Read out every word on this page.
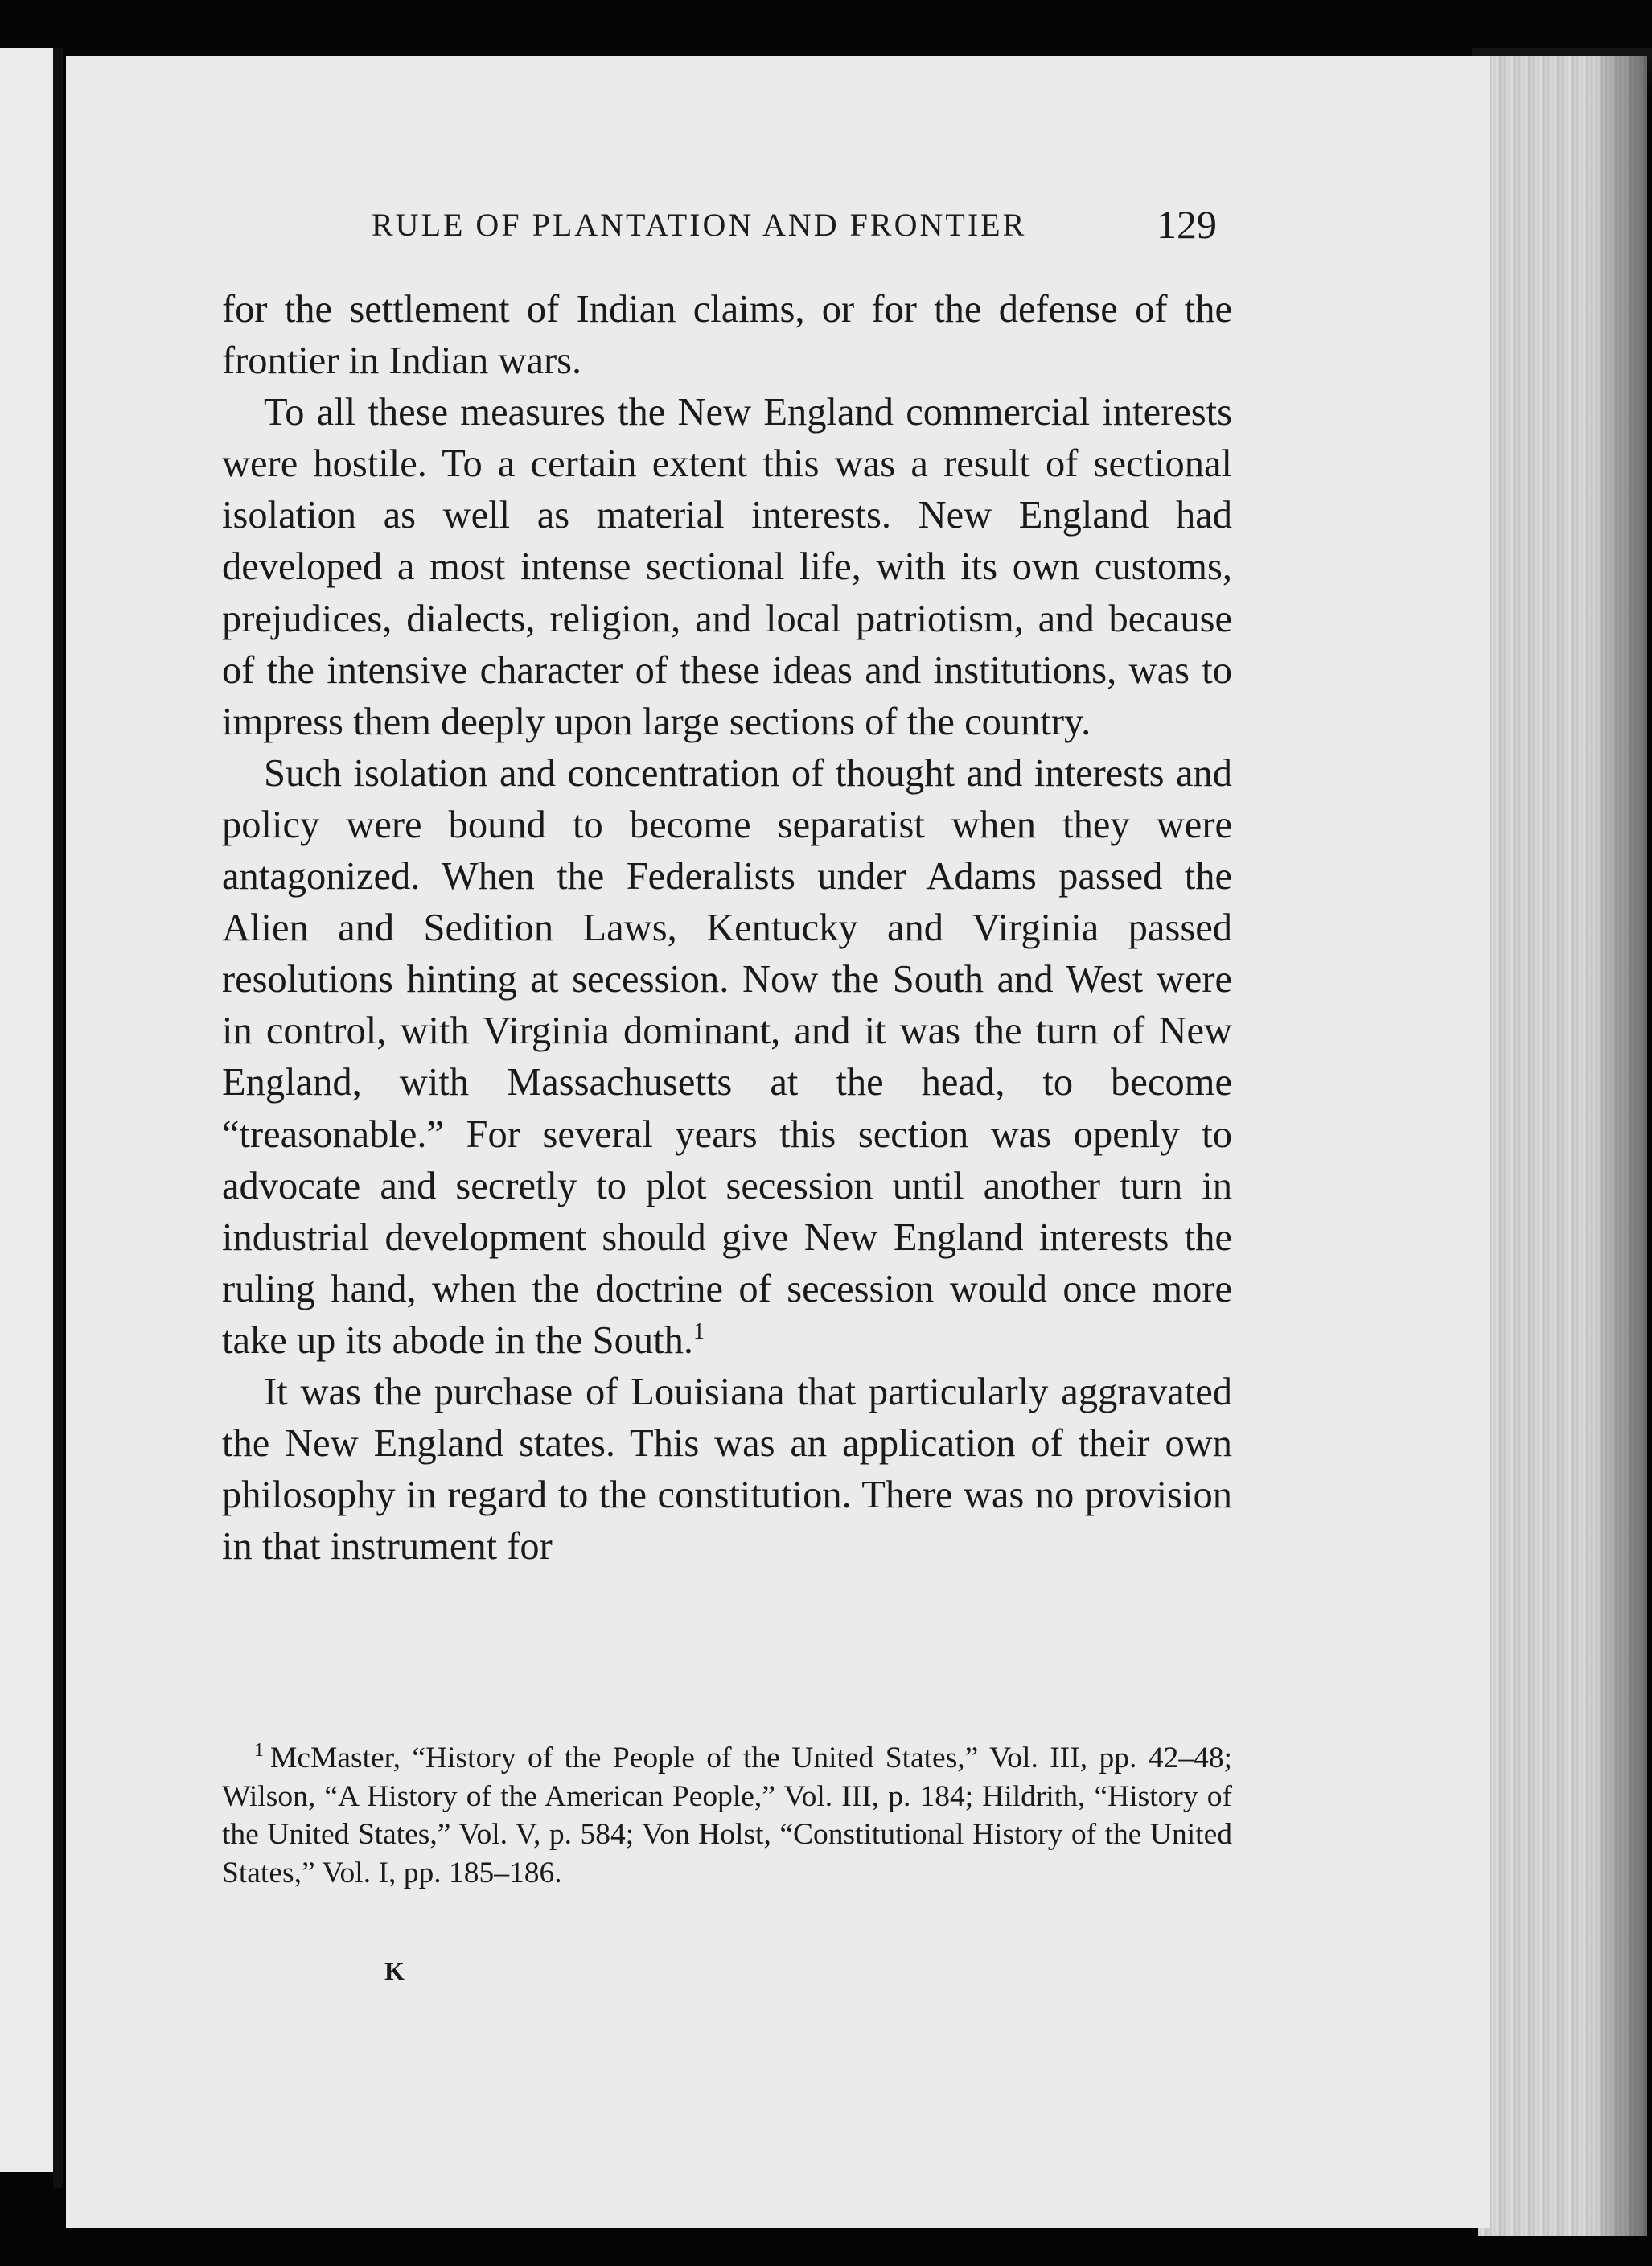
RULE OF PLANTATION AND FRONTIER	129

for the settlement of Indian claims, or for the defense of the frontier in Indian wars.

To all these measures the New England commercial interests were hostile. To a certain extent this was a result of sectional isolation as well as material interests. New England had developed a most intense sectional life, with its own customs, prejudices, dialects, religion, and local patriotism, and because of the intensive character of these ideas and institutions, was to impress them deeply upon large sections of the country.

Such isolation and concentration of thought and interests and policy were bound to become separatist when they were antagonized. When the Federalists under Adams passed the Alien and Sedition Laws, Kentucky and Virginia passed resolutions hinting at secession. Now the South and West were in control, with Virginia dominant, and it was the turn of New England, with Massachusetts at the head, to become “treasonable.” For several years this section was openly to advocate and secretly to plot secession until another turn in industrial development should give New England interests the ruling hand, when the doctrine of secession would once more take up its abode in the South.$^1$

It was the purchase of Louisiana that particularly aggravated the New England states. This was an application of their own philosophy in regard to the constitution. There was no provision in that instrument for

$^1$ McMaster, “History of the People of the United States,” Vol. III, pp. 42–48; Wilson, “A History of the American People,” Vol. III, p. 184; Hildrith, “History of the United States,” Vol. V, p. 584; Von Holst, “Constitutional History of the United States,” Vol. I, pp. 185–186.

K
